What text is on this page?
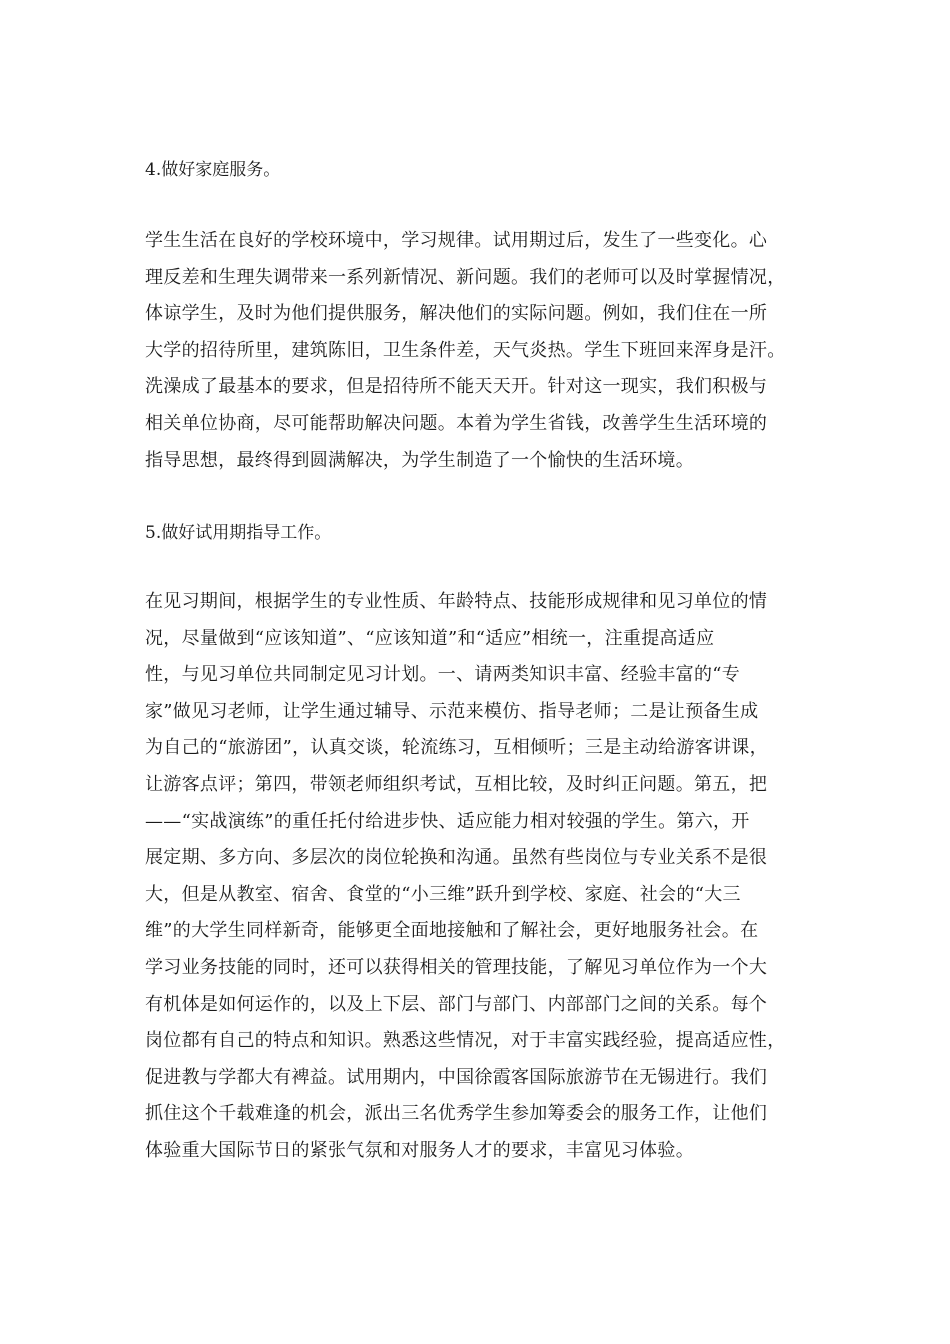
4.做好家庭服务。
学生生活在良好的学校环境中，学习规律。试用期过后，发生了一些变化。心
理反差和生理失调带来一系列新情况、新问题。我们的老师可以及时掌握情况，
体谅学生，及时为他们提供服务，解决他们的实际问题。例如，我们住在一所
大学的招待所里，建筑陈旧，卫生条件差，天气炎热。学生下班回来浑身是汗。
洗澡成了最基本的要求，但是招待所不能天天开。针对这一现实，我们积极与
相关单位协商，尽可能帮助解决问题。本着为学生省钱，改善学生生活环境的
指导思想，最终得到圆满解决，为学生制造了一个愉快的生活环境。
5.做好试用期指导工作。
在见习期间，根据学生的专业性质、年龄特点、技能形成规律和见习单位的情
况，尽量做到“应该知道”、“应该知道”和“适应”相统一，注重提高适应
性，与见习单位共同制定见习计划。一、请两类知识丰富、经验丰富的“专
家”做见习老师，让学生通过辅导、示范来模仿、指导老师；二是让预备生成
为自己的“旅游团”，认真交谈，轮流练习，互相倾听；三是主动给游客讲课，
让游客点评；第四，带领老师组织考试，互相比较，及时纠正问题。第五，把
——“实战演练”的重任托付给进步快、适应能力相对较强的学生。第六，开
展定期、多方向、多层次的岗位轮换和沟通。虽然有些岗位与专业关系不是很
大，但是从教室、宿舍、食堂的“小三维”跃升到学校、家庭、社会的“大三
维”的大学生同样新奇，能够更全面地接触和了解社会，更好地服务社会。在
学习业务技能的同时，还可以获得相关的管理技能，了解见习单位作为一个大
有机体是如何运作的，以及上下层、部门与部门、内部部门之间的关系。每个
岗位都有自己的特点和知识。熟悉这些情况，对于丰富实践经验，提高适应性，
促进教与学都大有裨益。试用期内，中国徐霞客国际旅游节在无锡进行。我们
抓住这个千载难逢的机会，派出三名优秀学生参加筹委会的服务工作，让他们
体验重大国际节日的紧张气氛和对服务人才的要求，丰富见习体验。
